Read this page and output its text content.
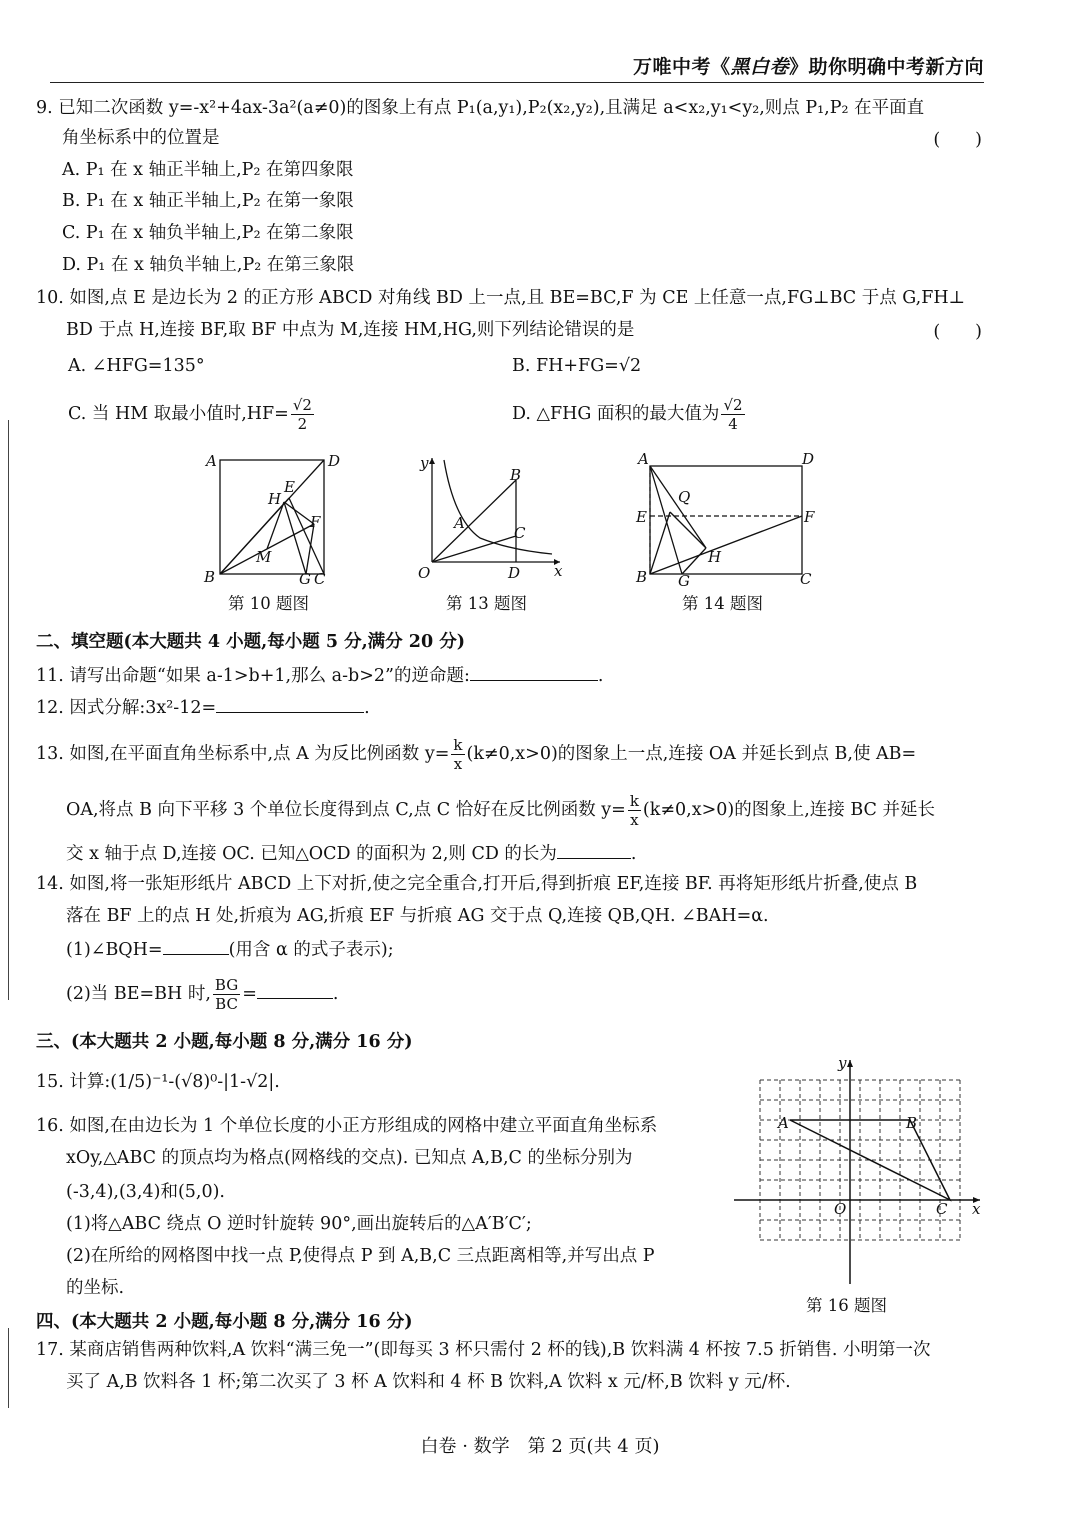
万唯中考《黑白卷》助你明确中考新方向
9. 已知二次函数 y=-x²+4ax-3a²(a≠0)的图象上有点 P₁(a,y₁),P₂(x₂,y₂),且满足 a<x₂,y₁<y₂,则点 P₁,P₂ 在平面直
角坐标系中的位置是	(　　)
A. P₁ 在 x 轴正半轴上,P₂ 在第四象限
B. P₁ 在 x 轴正半轴上,P₂ 在第一象限
C. P₁ 在 x 轴负半轴上,P₂ 在第二象限
D. P₁ 在 x 轴负半轴上,P₂ 在第三象限
10. 如图,点 E 是边长为 2 的正方形 ABCD 对角线 BD 上一点,且 BE=BC,F 为 CE 上任意一点,FG⊥BC 于点 G,FH⊥
BD 于点 H,连接 BF,取 BF 中点为 M,连接 HM,HG,则下列结论错误的是	(　　)
A. ∠HFG=135°	B. FH+FG=√2
C. 当 HM 取最小值时$,HF= \frac{√2}{2}$	D. △FHG 面积的最大值为 $\frac{√2}{4}$
A	D
B	C
E
H
F
M
G
第 10 题图
y
x
O
A
B
C
D
第 13 题图
A	D
B	C
E	F
Q
H
G
第 14 题图
二、填空题(本大题共 4 小题,每小题 5 分,满分 20 分)
11. 请写出命题“如果 a-1>b+1,那么 a-b>2”的逆命题:	.
12. 因式分解:3x²-12=	.
13. 如图,在平面直角坐标系中,点 A 为反比例函数 $y= \frac{k}{x} (k\ne 0,x>0)$的图象上一点,连接 OA 并延长到点 B,使 AB=
OA,将点 B 向下平移 3 个单位长度得到点 C,点 C 恰好在反比例函数 $y= \frac{k}{x} (k\ne 0,x>0)$的图象上,连接 BC 并延长
交 x 轴于点 D,连接 OC. 已知△OCD 的面积为 2,则 CD 的长为	.
14. 如图,将一张矩形纸片 ABCD 上下对折,使之完全重合,打开后,得到折痕 EF,连接 BF. 再将矩形纸片折叠,使点 B
落在 BF 上的点 H 处,折痕为 AG,折痕 EF 与折痕 AG 交于点 Q,连接 QB,QH. ∠BAH=α.
(1)∠BQH=	(用含 α 的式子表示);
(2)当 BE=BH 时, $\frac{BG}{BC}$ =	.
三、(本大题共 2 小题,每小题 8 分,满分 16 分)
15. 计算:(1/5)⁻¹-(√8)⁰-|1-√2|.
16. 如图,在由边长为 1 个单位长度的小正方形组成的网格中建立平面直角坐标系
xOy,△ABC 的顶点均为格点(网格线的交点). 已知点 A,B,C 的坐标分别为
(-3,4),(3,4)和(5,0).
(1)将△ABC 绕点 O 逆时针旋转 90°,画出旋转后的△A′B′C′;
(2)在所给的网格图中找一点 P,使得点 P 到 A,B,C 三点距离相等,并写出点 P
的坐标.
y
x
O
A	B
C
第 16 题图
四、(本大题共 2 小题,每小题 8 分,满分 16 分)
17. 某商店销售两种饮料,A 饮料“满三免一”(即每买 3 杯只需付 2 杯的钱),B 饮料满 4 杯按 7.5 折销售. 小明第一次
买了 A,B 饮料各 1 杯;第二次买了 3 杯 A 饮料和 4 杯 B 饮料,A 饮料 x 元/杯,B 饮料 y 元/杯.
白卷 · 数学　第 2 页(共 4 页)
